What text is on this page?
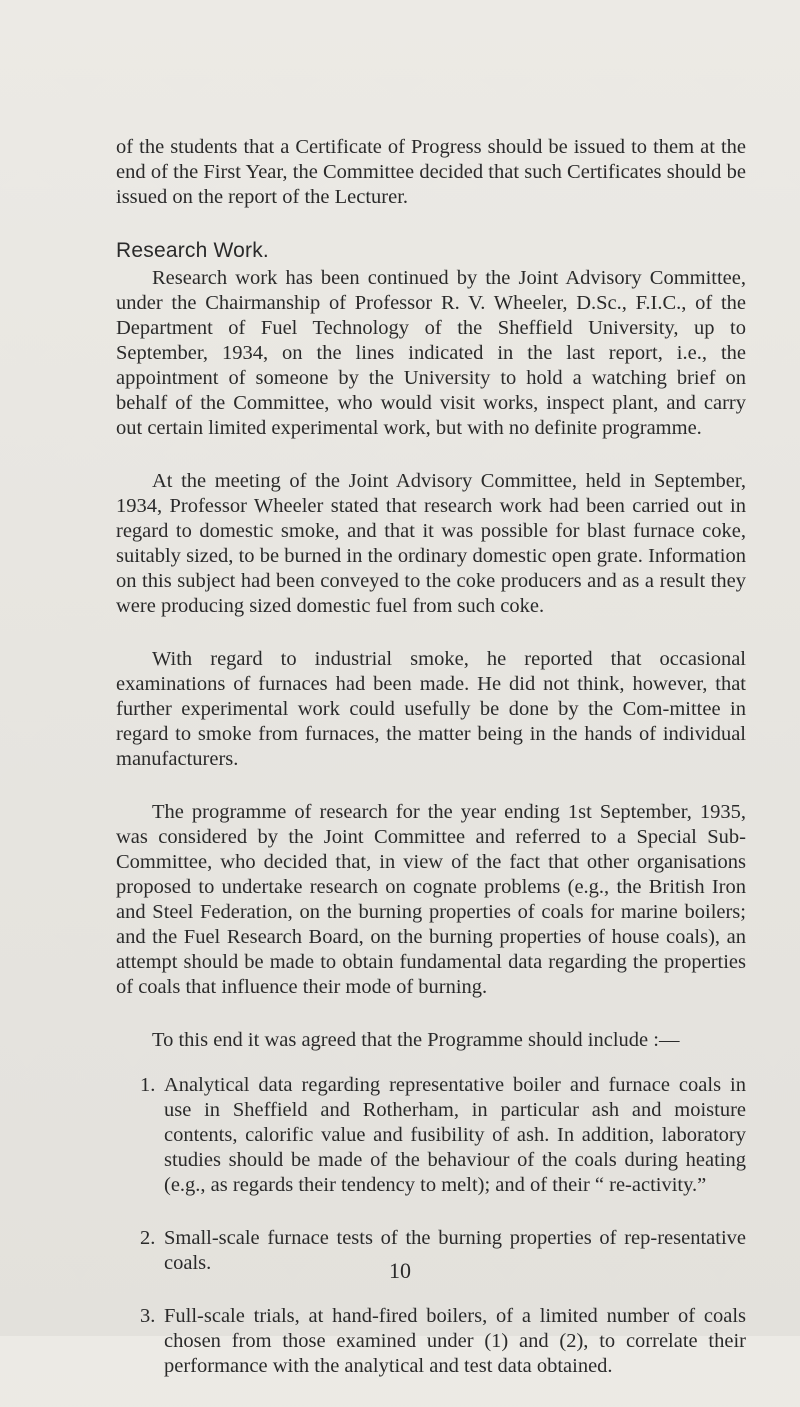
of the students that a Certificate of Progress should be issued to them at the end of the First Year, the Committee decided that such Certificates should be issued on the report of the Lecturer.

Research Work.

Research work has been continued by the Joint Advisory Committee, under the Chairmanship of Professor R. V. Wheeler, D.Sc., F.I.C., of the Department of Fuel Technology of the Sheffield University, up to September, 1934, on the lines indicated in the last report, i.e., the appointment of someone by the University to hold a watching brief on behalf of the Committee, who would visit works, inspect plant, and carry out certain limited experimental work, but with no definite programme.

At the meeting of the Joint Advisory Committee, held in September, 1934, Professor Wheeler stated that research work had been carried out in regard to domestic smoke, and that it was possible for blast furnace coke, suitably sized, to be burned in the ordinary domestic open grate. Information on this subject had been conveyed to the coke producers and as a result they were producing sized domestic fuel from such coke.

With regard to industrial smoke, he reported that occasional examinations of furnaces had been made. He did not think, however, that further experimental work could usefully be done by the Com-mittee in regard to smoke from furnaces, the matter being in the hands of individual manufacturers.

The programme of research for the year ending 1st September, 1935, was considered by the Joint Committee and referred to a Special Sub-Committee, who decided that, in view of the fact that other organisations proposed to undertake research on cognate problems (e.g., the British Iron and Steel Federation, on the burning properties of coals for marine boilers; and the Fuel Research Board, on the burning properties of house coals), an attempt should be made to obtain fundamental data regarding the properties of coals that influence their mode of burning.

To this end it was agreed that the Programme should include :—

1. Analytical data regarding representative boiler and furnace coals in use in Sheffield and Rotherham, in particular ash and moisture contents, calorific value and fusibility of ash. In addition, laboratory studies should be made of the behaviour of the coals during heating (e.g., as regards their tendency to melt); and of their “ re-activity.”

2. Small-scale furnace tests of the burning properties of rep-resentative coals.

3. Full-scale trials, at hand-fired boilers, of a limited number of coals chosen from those examined under (1) and (2), to correlate their performance with the analytical and test data obtained.

10
